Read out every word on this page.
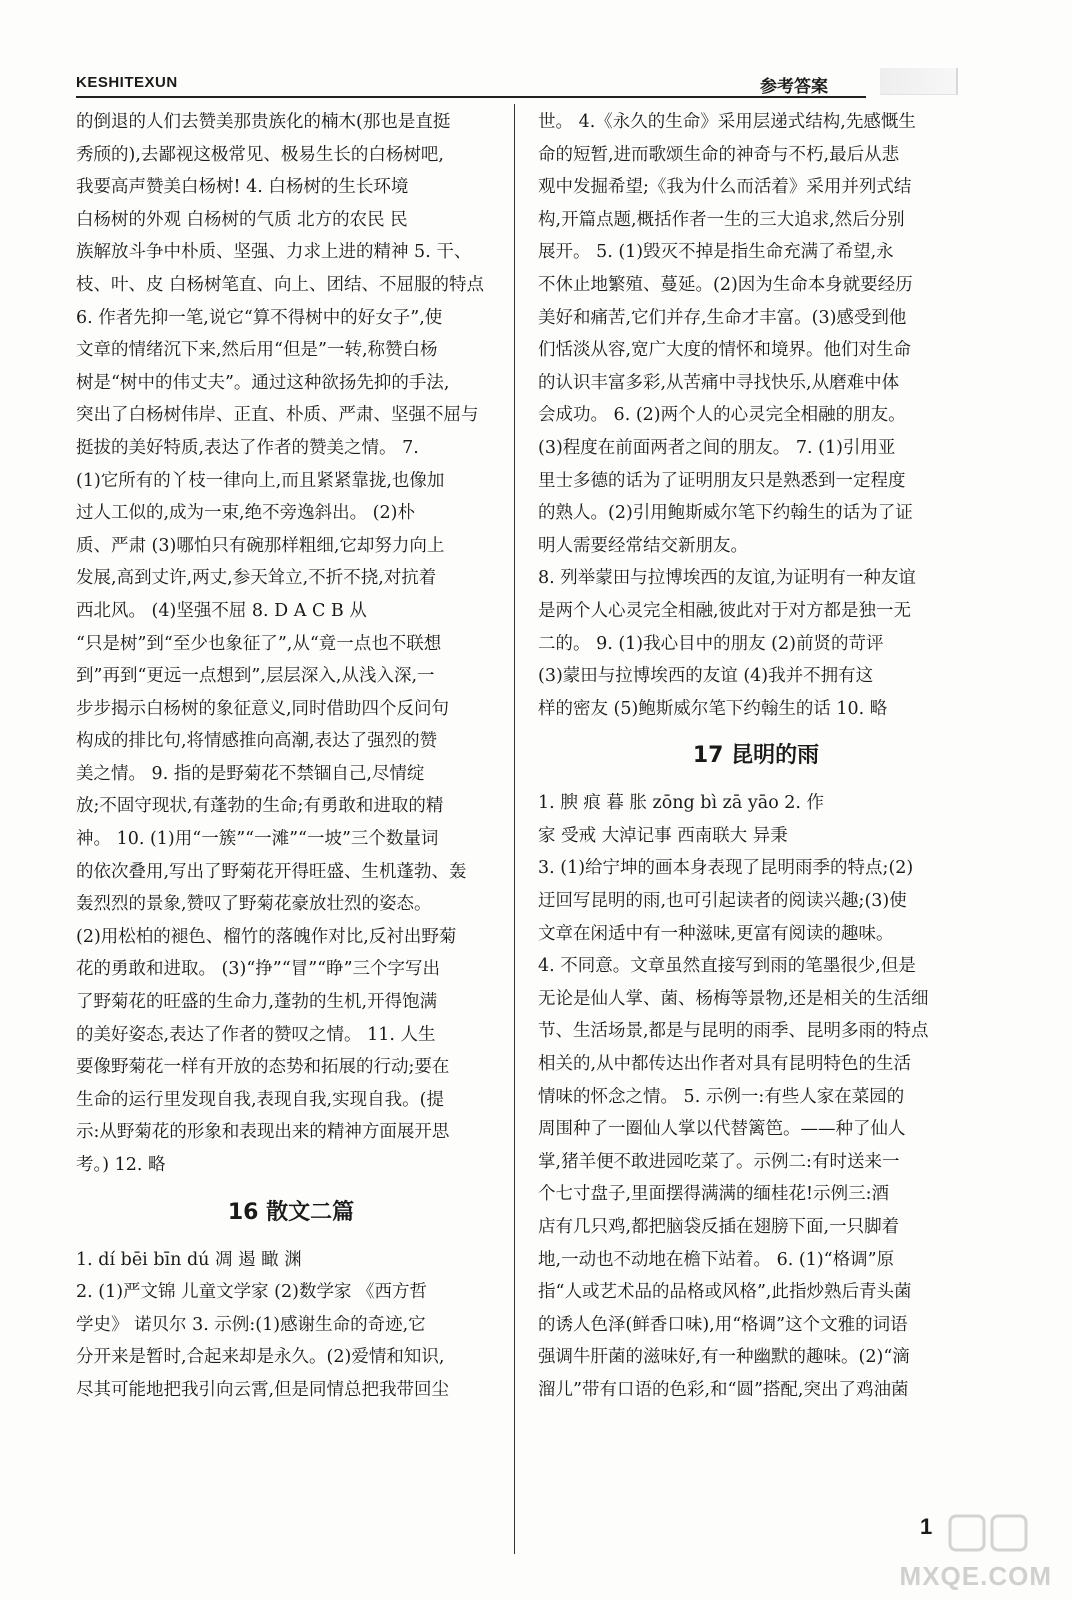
KESHITEXUN	参考答案
的倒退的人们去赞美那贵族化的楠木(那也是直挺
秀颀的),去鄙视这极常见、极易生长的白杨树吧,
我要高声赞美白杨树! 4. 白杨树的生长环境
白杨树的外观 白杨树的气质 北方的农民 民
族解放斗争中朴质、坚强、力求上进的精神 5. 干、
枝、叶、皮 白杨树笔直、向上、团结、不屈服的特点
6. 作者先抑一笔,说它“算不得树中的好女子”,使
文章的情绪沉下来,然后用“但是”一转,称赞白杨
树是“树中的伟丈夫”。通过这种欲扬先抑的手法,
突出了白杨树伟岸、正直、朴质、严肃、坚强不屈与
挺拔的美好特质,表达了作者的赞美之情。 7.
(1)它所有的丫枝一律向上,而且紧紧靠拢,也像加
过人工似的,成为一束,绝不旁逸斜出。 (2)朴
质、严肃 (3)哪怕只有碗那样粗细,它却努力向上
发展,高到丈许,两丈,参天耸立,不折不挠,对抗着
西北风。 (4)坚强不屈 8. D A C B 从
“只是树”到“至少也象征了”,从“竟一点也不联想
到”再到“更远一点想到”,层层深入,从浅入深,一
步步揭示白杨树的象征意义,同时借助四个反问句
构成的排比句,将情感推向高潮,表达了强烈的赞
美之情。 9. 指的是野菊花不禁锢自己,尽情绽
放;不固守现状,有蓬勃的生命;有勇敢和进取的精
神。 10. (1)用“一簇”“一滩”“一坡”三个数量词
的依次叠用,写出了野菊花开得旺盛、生机蓬勃、轰
轰烈烈的景象,赞叹了野菊花豪放壮烈的姿态。
(2)用松柏的褪色、榴竹的落魄作对比,反衬出野菊
花的勇敢和进取。 (3)“挣”“冒”“睁”三个字写出
了野菊花的旺盛的生命力,蓬勃的生机,开得饱满
的美好姿态,表达了作者的赞叹之情。 11. 人生
要像野菊花一样有开放的态势和拓展的行动;要在
生命的运行里发现自我,表现自我,实现自我。(提
示:从野菊花的形象和表现出来的精神方面展开思
考。) 12. 略
16 散文二篇
1. dí bēi bīn dú 凋 遏 瞰 渊
2. (1)严文锦 儿童文学家 (2)数学家 《西方哲
学史》 诺贝尔 3. 示例:(1)感谢生命的奇迹,它
分开来是暂时,合起来却是永久。(2)爱情和知识,
尽其可能地把我引向云霄,但是同情总把我带回尘
世。 4.《永久的生命》采用层递式结构,先感慨生
命的短暂,进而歌颂生命的神奇与不朽,最后从悲
观中发掘希望;《我为什么而活着》采用并列式结
构,开篇点题,概括作者一生的三大追求,然后分别
展开。 5. (1)毁灭不掉是指生命充满了希望,永
不休止地繁殖、蔓延。(2)因为生命本身就要经历
美好和痛苦,它们并存,生命才丰富。(3)感受到他
们恬淡从容,宽广大度的情怀和境界。他们对生命
的认识丰富多彩,从苦痛中寻找快乐,从磨难中体
会成功。 6. (2)两个人的心灵完全相融的朋友。
(3)程度在前面两者之间的朋友。 7. (1)引用亚
里士多德的话为了证明朋友只是熟悉到一定程度
的熟人。(2)引用鲍斯威尔笔下约翰生的话为了证
明人需要经常结交新朋友。
8. 列举蒙田与拉博埃西的友谊,为证明有一种友谊
是两个人心灵完全相融,彼此对于对方都是独一无
二的。 9. (1)我心目中的朋友 (2)前贤的苛评
(3)蒙田与拉博埃西的友谊 (4)我并不拥有这
样的密友 (5)鲍斯威尔笔下约翰生的话 10. 略
17 昆明的雨
1. 腴 痕 暮 胀 zōng bì zā yāo 2. 作
家 受戒 大淖记事 西南联大 异秉
3. (1)给宁坤的画本身表现了昆明雨季的特点;(2)
迂回写昆明的雨,也可引起读者的阅读兴趣;(3)使
文章在闲适中有一种滋味,更富有阅读的趣味。
4. 不同意。文章虽然直接写到雨的笔墨很少,但是
无论是仙人掌、菌、杨梅等景物,还是相关的生活细
节、生活场景,都是与昆明的雨季、昆明多雨的特点
相关的,从中都传达出作者对具有昆明特色的生活
情味的怀念之情。 5. 示例一:有些人家在菜园的
周围种了一圈仙人掌以代替篱笆。——种了仙人
掌,猪羊便不敢进园吃菜了。示例二:有时送来一
个七寸盘子,里面摆得满满的缅桂花!示例三:酒
店有几只鸡,都把脑袋反插在翅膀下面,一只脚着
地,一动也不动地在檐下站着。 6. (1)“格调”原
指“人或艺术品的品格或风格”,此指炒熟后青头菌
的诱人色泽(鲜香口味),用“格调”这个文雅的词语
强调牛肝菌的滋味好,有一种幽默的趣味。(2)“滴
溜儿”带有口语的色彩,和“圆”搭配,突出了鸡油菌
1
MXQE.COM
